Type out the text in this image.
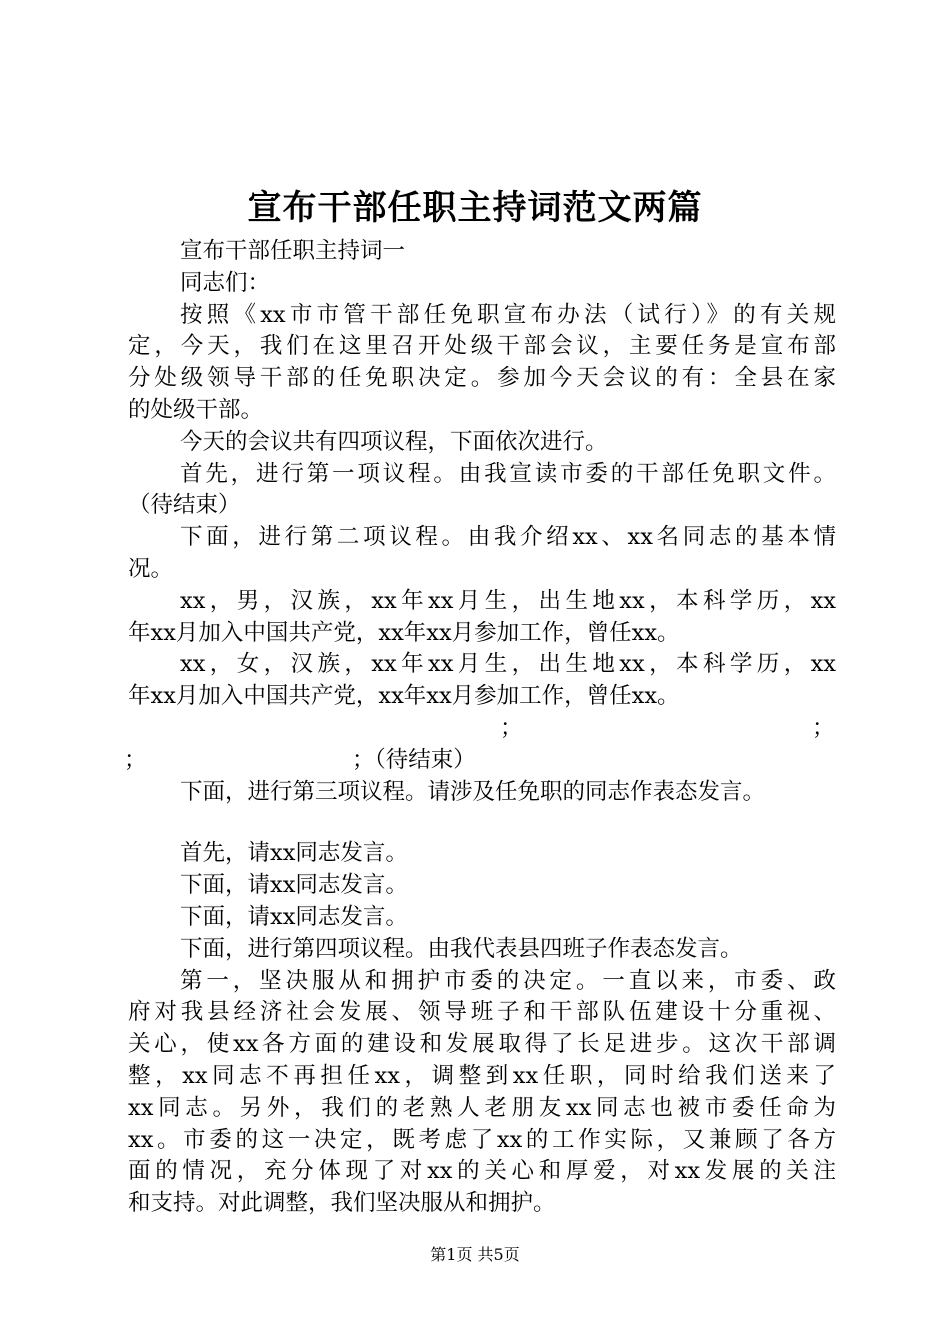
宣布干部任职主持词范文两篇
宣布干部任职主持词一
同志们：
按照《xx市市管干部任免职宣布办法（试行）》的有关规
定，今天，我们在这里召开处级干部会议，主要任务是宣布部
分处级领导干部的任免职决定。参加今天会议的有：全县在家
的处级干部。
今天的会议共有四项议程，下面依次进行。
首先，进行第一项议程。由我宣读市委的干部任免职文件。
（待结束）
下面，进行第二项议程。由我介绍xx、xx名同志的基本情
况。
xx，男，汉族，xx年xx月生，出生地xx，本科学历，xx
年xx月加入中国共产党，xx年xx月参加工作，曾任xx。
xx，女，汉族，xx年xx月生，出生地xx，本科学历，xx
年xx月加入中国共产党，xx年xx月参加工作，曾任xx。
；	；
；	；（待结束）
下面，进行第三项议程。请涉及任免职的同志作表态发言。
首先，请xx同志发言。
下面，请xx同志发言。
下面，请xx同志发言。
下面，进行第四项议程。由我代表县四班子作表态发言。
第一，坚决服从和拥护市委的决定。一直以来，市委、政
府对我县经济社会发展、领导班子和干部队伍建设十分重视、
关心，使xx各方面的建设和发展取得了长足进步。这次干部调
整，xx同志不再担任xx，调整到xx任职，同时给我们送来了
xx同志。另外，我们的老熟人老朋友xx同志也被市委任命为
xx。市委的这一决定，既考虑了xx的工作实际，又兼顾了各方
面的情况，充分体现了对xx的关心和厚爱，对xx发展的关注
和支持。对此调整，我们坚决服从和拥护。
第1页 共5页
